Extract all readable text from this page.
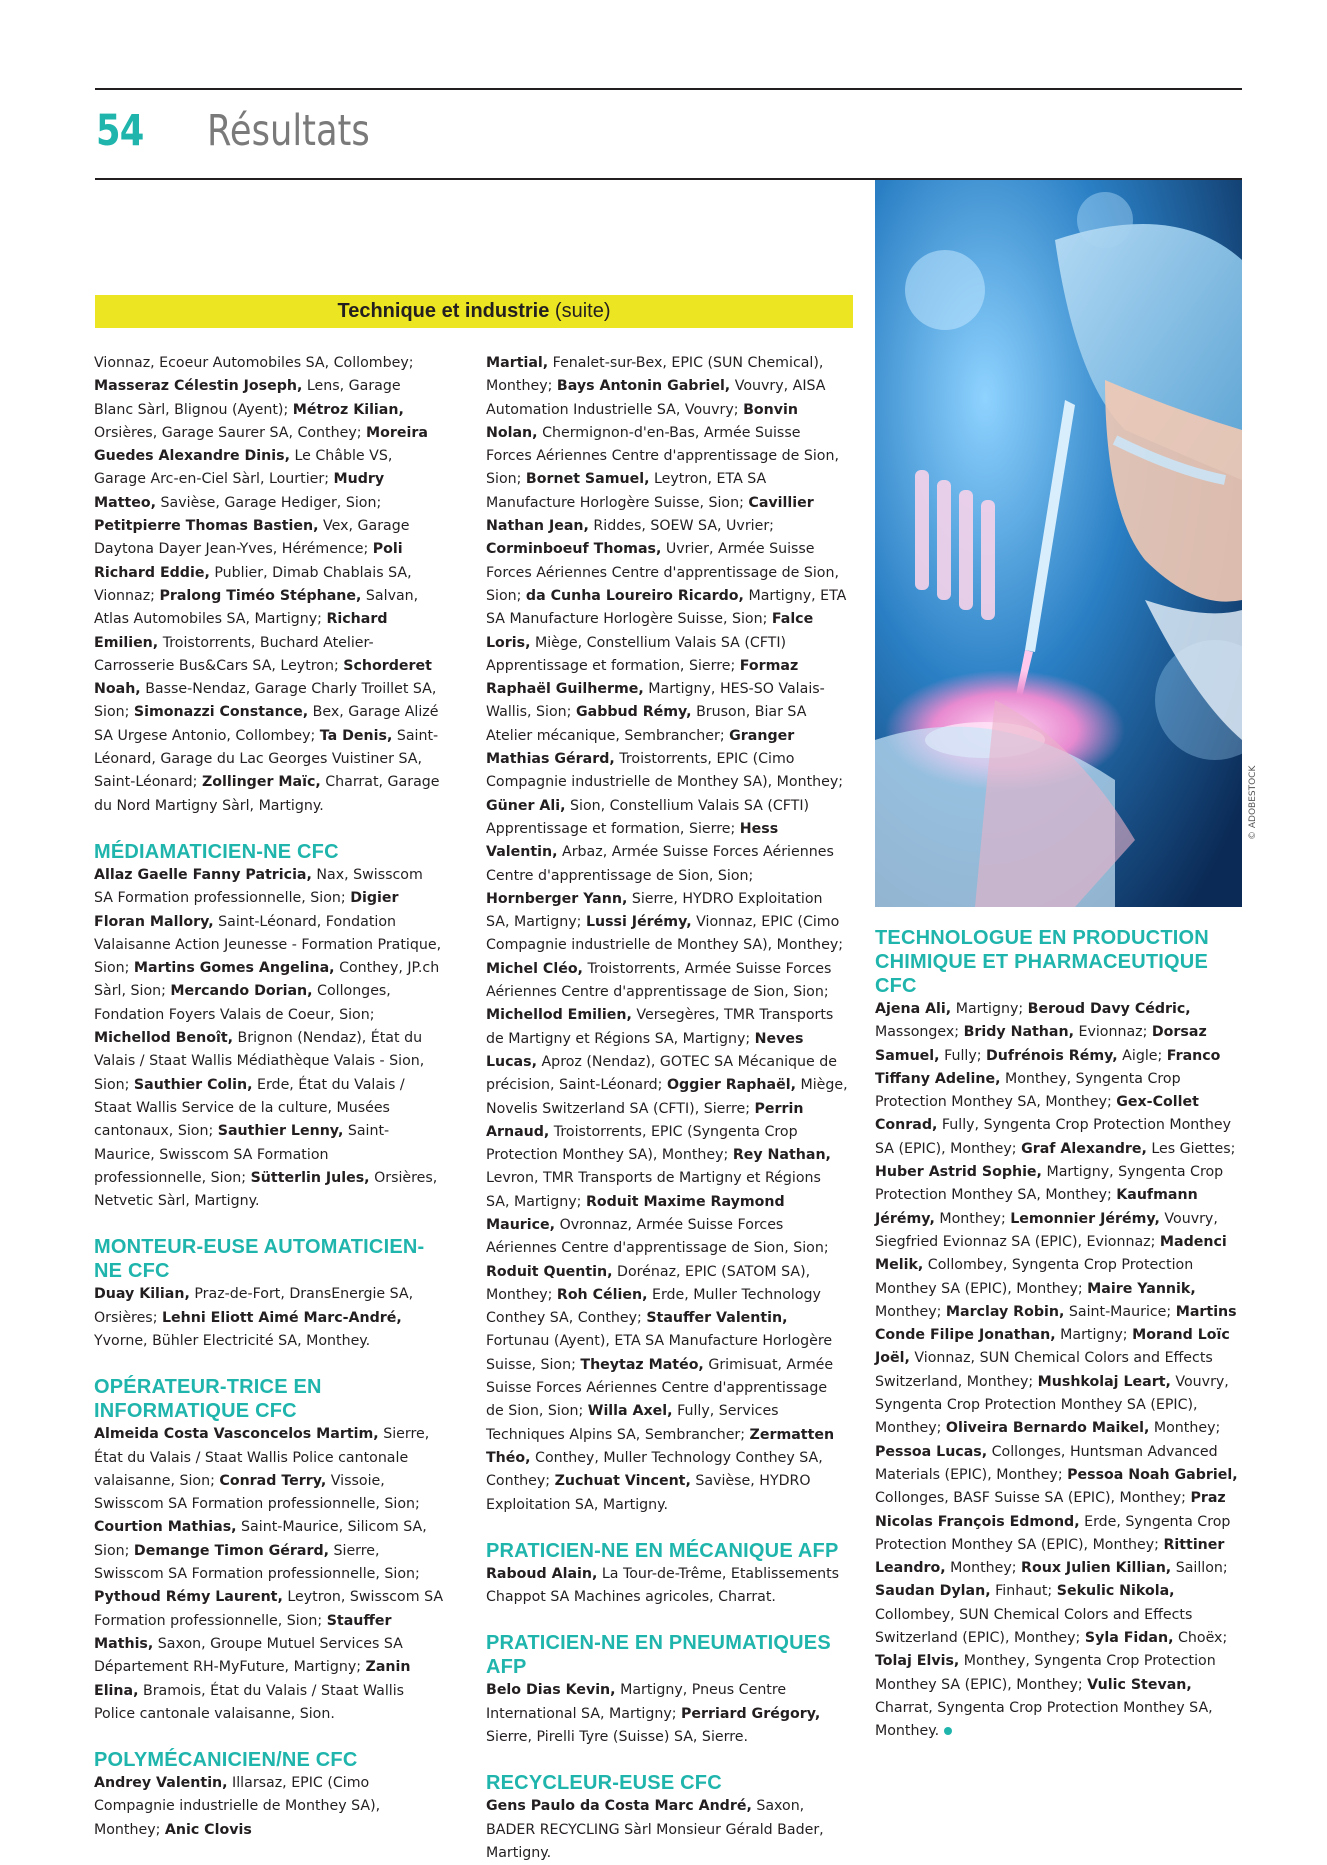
54 Résultats
Technique et industrie (suite)

Vionnaz, Ecoeur Automobiles SA, Collombey; Masseraz Célestin Joseph, Lens, Garage Blanc Sàrl, Blignou (Ayent); Métroz Kilian, Orsières, Garage Saurer SA, Conthey; Moreira Guedes Alexandre Dinis, Le Châble VS, Garage Arc-en-Ciel Sàrl, Lourtier; Mudry Matteo, Savièse, Garage Hediger, Sion; Petitpierre Thomas Bastien, Vex, Garage Daytona Dayer Jean-Yves, Hérémence; Poli Richard Eddie, Publier, Dimab Chablais SA, Vionnaz; Pralong Timéo Stéphane, Salvan, Atlas Automobiles SA, Martigny; Richard Emilien, Troistorrents, Buchard Atelier-Carrosserie Bus&Cars SA, Leytron; Schorderet Noah, Basse-Nendaz, Garage Charly Troillet SA, Sion; Simonazzi Constance, Bex, Garage Alizé SA Urgese Antonio, Collombey; Ta Denis, Saint-Léonard, Garage du Lac Georges Vuistiner SA, Saint-Léonard; Zollinger Maïc, Charrat, Garage du Nord Martigny Sàrl, Martigny.

MÉDIAMATICIEN-NE CFC

Allaz Gaelle Fanny Patricia, Nax, Swisscom SA Formation professionnelle, Sion; Digier Floran Mallory, Saint-Léonard, Fondation Valaisanne Action Jeunesse - Formation Pratique, Sion; Martins Gomes Angelina, Conthey, JP.ch Sàrl, Sion; Mercando Dorian, Collonges, Fondation Foyers Valais de Coeur, Sion; Michellod Benoît, Brignon (Nendaz), État du Valais / Staat Wallis Médiathèque Valais - Sion, Sion; Sauthier Colin, Erde, État du Valais / Staat Wallis Service de la culture, Musées cantonaux, Sion; Sauthier Lenny, Saint-Maurice, Swisscom SA Formation professionnelle, Sion; Sütterlin Jules, Orsières, Netvetic Sàrl, Martigny.

MONTEUR-EUSE AUTOMATICIEN-NE CFC

Duay Kilian, Praz-de-Fort, DransEnergie SA, Orsières; Lehni Eliott Aimé Marc-André, Yvorne, Bühler Electricité SA, Monthey.

OPÉRATEUR-TRICE EN INFORMATIQUE CFC

Almeida Costa Vasconcelos Martim, Sierre, État du Valais / Staat Wallis Police cantonale valaisanne, Sion; Conrad Terry, Vissoie, Swisscom SA Formation professionnelle, Sion; Courtion Mathias, Saint-Maurice, Silicom SA, Sion; Demange Timon Gérard, Sierre, Swisscom SA Formation professionnelle, Sion; Pythoud Rémy Laurent, Leytron, Swisscom SA Formation professionnelle, Sion; Stauffer Mathis, Saxon, Groupe Mutuel Services SA Département RH-MyFuture, Martigny; Zanin Elina, Bramois, État du Valais / Staat Wallis Police cantonale valaisanne, Sion.

POLYMÉCANICIEN/NE CFC

Andrey Valentin, Illarsaz, EPIC (Cimo Compagnie industrielle de Monthey SA), Monthey; Anic Clovis

Martial, Fenalet-sur-Bex, EPIC (SUN Chemical), Monthey; Bays Antonin Gabriel, Vouvry, AISA Automation Industrielle SA, Vouvry; Bonvin Nolan, Chermignon-d'en-Bas, Armée Suisse Forces Aériennes Centre d'apprentissage de Sion, Sion; Bornet Samuel, Leytron, ETA SA Manufacture Horlogère Suisse, Sion; Cavillier Nathan Jean, Riddes, SOEW SA, Uvrier; Corminboeuf Thomas, Uvrier, Armée Suisse Forces Aériennes Centre d'apprentissage de Sion, Sion; da Cunha Loureiro Ricardo, Martigny, ETA SA Manufacture Horlogère Suisse, Sion; Falce Loris, Miège, Constellium Valais SA (CFTI) Apprentissage et formation, Sierre; Formaz Raphaël Guilherme, Martigny, HES-SO Valais-Wallis, Sion; Gabbud Rémy, Bruson, Biar SA Atelier mécanique, Sembrancher; Granger Mathias Gérard, Troistorrents, EPIC (Cimo Compagnie industrielle de Monthey SA), Monthey; Güner Ali, Sion, Constellium Valais SA (CFTI) Apprentissage et formation, Sierre; Hess Valentin, Arbaz, Armée Suisse Forces Aériennes Centre d'apprentissage de Sion, Sion; Hornberger Yann, Sierre, HYDRO Exploitation SA, Martigny; Lussi Jérémy, Vionnaz, EPIC (Cimo Compagnie industrielle de Monthey SA), Monthey; Michel Cléo, Troistorrents, Armée Suisse Forces Aériennes Centre d'apprentissage de Sion, Sion; Michellod Emilien, Versegères, TMR Transports de Martigny et Régions SA, Martigny; Neves Lucas, Aproz (Nendaz), GOTEC SA Mécanique de précision, Saint-Léonard; Oggier Raphaël, Miège, Novelis Switzerland SA (CFTI), Sierre; Perrin Arnaud, Troistorrents, EPIC (Syngenta Crop Protection Monthey SA), Monthey; Rey Nathan, Levron, TMR Transports de Martigny et Régions SA, Martigny; Roduit Maxime Raymond Maurice, Ovronnaz, Armée Suisse Forces Aériennes Centre d'apprentissage de Sion, Sion; Roduit Quentin, Dorénaz, EPIC (SATOM SA), Monthey; Roh Célien, Erde, Muller Technology Conthey SA, Conthey; Stauffer Valentin, Fortunau (Ayent), ETA SA Manufacture Horlogère Suisse, Sion; Theytaz Matéo, Grimisuat, Armée Suisse Forces Aériennes Centre d'apprentissage de Sion, Sion; Willa Axel, Fully, Services Techniques Alpins SA, Sembrancher; Zermatten Théo, Conthey, Muller Technology Conthey SA, Conthey; Zuchuat Vincent, Savièse, HYDRO Exploitation SA, Martigny.

PRATICIEN-NE EN MÉCANIQUE AFP

Raboud Alain, La Tour-de-Trême, Etablissements Chappot SA Machines agricoles, Charrat.

PRATICIEN-NE EN PNEUMATIQUES AFP

Belo Dias Kevin, Martigny, Pneus Centre International SA, Martigny; Perriard Grégory, Sierre, Pirelli Tyre (Suisse) SA, Sierre.

RECYCLEUR-EUSE CFC

Gens Paulo da Costa Marc André, Saxon, BADER RECYCLING Sàrl Monsieur Gérald Bader, Martigny.

© ADOBESTOCK
TECHNOLOGUE EN PRODUCTION CHIMIQUE ET PHARMACEUTIQUE CFC

Ajena Ali, Martigny; Beroud Davy Cédric, Massongex; Bridy Nathan, Evionnaz; Dorsaz Samuel, Fully; Dufrénois Rémy, Aigle; Franco Tiffany Adeline, Monthey, Syngenta Crop Protection Monthey SA, Monthey; Gex-Collet Conrad, Fully, Syngenta Crop Protection Monthey SA (EPIC), Monthey; Graf Alexandre, Les Giettes; Huber Astrid Sophie, Martigny, Syngenta Crop Protection Monthey SA, Monthey; Kaufmann Jérémy, Monthey; Lemonnier Jérémy, Vouvry, Siegfried Evionnaz SA (EPIC), Evionnaz; Madenci Melik, Collombey, Syngenta Crop Protection Monthey SA (EPIC), Monthey; Maire Yannik, Monthey; Marclay Robin, Saint-Maurice; Martins Conde Filipe Jonathan, Martigny; Morand Loïc Joël, Vionnaz, SUN Chemical Colors and Effects Switzerland, Monthey; Mushkolaj Leart, Vouvry, Syngenta Crop Protection Monthey SA (EPIC), Monthey; Oliveira Bernardo Maikel, Monthey; Pessoa Lucas, Collonges, Huntsman Advanced Materials (EPIC), Monthey; Pessoa Noah Gabriel, Collonges, BASF Suisse SA (EPIC), Monthey; Praz Nicolas François Edmond, Erde, Syngenta Crop Protection Monthey SA (EPIC), Monthey; Rittiner Leandro, Monthey; Roux Julien Killian, Saillon; Saudan Dylan, Finhaut; Sekulic Nikola, Collombey, SUN Chemical Colors and Effects Switzerland (EPIC), Monthey; Syla Fidan, Choëx; Tolaj Elvis, Monthey, Syngenta Crop Protection Monthey SA (EPIC), Monthey; Vulic Stevan, Charrat, Syngenta Crop Protection Monthey SA, Monthey.
